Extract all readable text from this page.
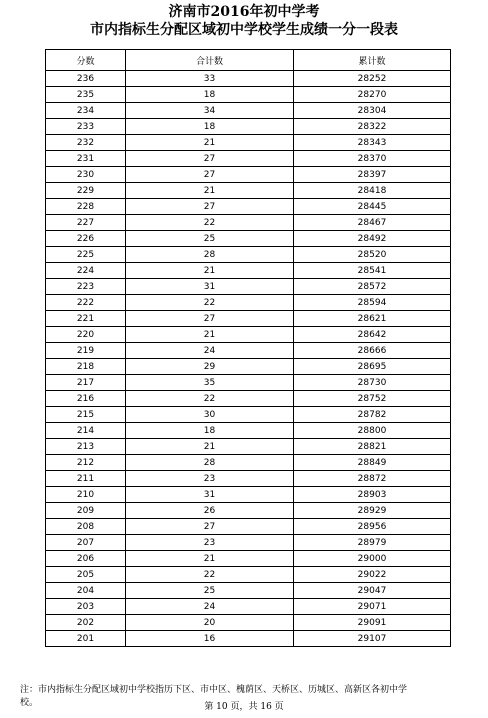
济南市2016年初中学考
市内指标生分配区域初中学校学生成绩一分一段表
分数	合计数	累计数
236	33	28252
235	18	28270
234	34	28304
233	18	28322
232	21	28343
231	27	28370
230	27	28397
229	21	28418
228	27	28445
227	22	28467
226	25	28492
225	28	28520
224	21	28541
223	31	28572
222	22	28594
221	27	28621
220	21	28642
219	24	28666
218	29	28695
217	35	28730
216	22	28752
215	30	28782
214	18	28800
213	21	28821
212	28	28849
211	23	28872
210	31	28903
209	26	28929
208	27	28956
207	23	28979
206	21	29000
205	22	29022
204	25	29047
203	24	29071
202	20	29091
201	16	29107
注：市内指标生分配区域初中学校指历下区、市中区、槐荫区、天桥区、历城区、高新区各初中学
校。	第 10 页，共 16 页
